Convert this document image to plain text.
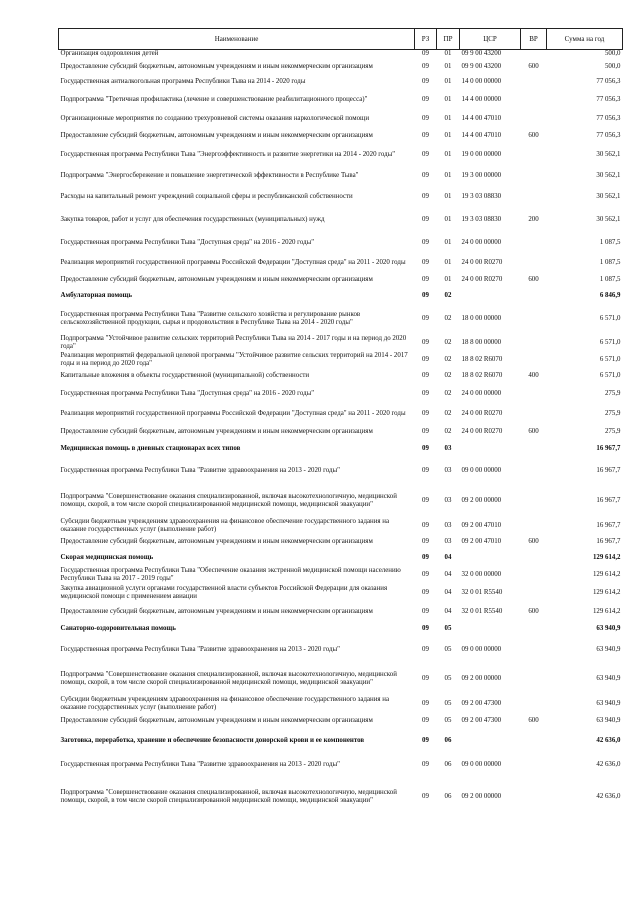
Наименование	РЗ	ПР	ЦСР	ВР	Сумма на год
Организация оздоровления детей	09	01	09 9 00 43200		500,0
Предоставление субсидий бюджетным, автономным учреждениям и иным некоммерческим организациям	09	01	09 9 00 43200	600	500,0
Государственная антиалкогольная программа Республики Тыва на 2014 - 2020 годы	09	01	14 0 00 00000		77 056,3
Подпрограмма "Третичная профилактика (лечение и совершенствование реабилитационного процесса)"	09	01	14 4 00 00000		77 056,3
Организационные мероприятия по созданию трехуровневой системы оказания наркологической помощи	09	01	14 4 00 47010		77 056,3
Предоставление субсидий бюджетным, автономным учреждениям и иным некоммерческим организациям	09	01	14 4 00 47010	600	77 056,3
Государственная программа Республики Тыва "Энергоэффективность и развитие энергетики на 2014 - 2020 годы"	09	01	19 0 00 00000		30 562,1
Подпрограмма "Энергосбережение и повышение энергетической эффективности в Республике Тыва"	09	01	19 3 00 00000		30 562,1
Расходы на капитальный ремонт учреждений социальной сферы и республиканской собственности	09	01	19 3 03 08830		30 562,1
Закупка товаров, работ и услуг для обеспечения государственных (муниципальных) нужд	09	01	19 3 03 08830	200	30 562,1
Государственная программа Республики Тыва "Доступная среда" на 2016 - 2020 годы"	09	01	24 0 00 00000		1 087,5
Реализация мероприятий государственной программы Российской Федерации "Доступная среда" на 2011 - 2020 годы	09	01	24 0 00 R0270		1 087,5
Предоставление субсидий бюджетным, автономным учреждениям и иным некоммерческим организациям	09	01	24 0 00 R0270	600	1 087,5
Амбулаторная помощь	09	02			6 846,9
Государственная программа Республики Тыва "Развитие сельского хозяйства и регулирование рынков сельскохозяйственной продукции, сырья и продовольствия в Республике Тыва на 2014 - 2020 годы"	09	02	18 0 00 00000		6 571,0
Подпрограмма "Устойчивое развитие сельских территорий Республики Тыва на 2014 - 2017 годы и на период до 2020 года"	09	02	18 8 00 00000		6 571,0
Реализация мероприятий федеральной целевой программы "Устойчивое развитие сельских территорий на 2014 - 2017 годы и на период до 2020 года"	09	02	18 8 02 R6070		6 571,0
Капитальные вложения в объекты государственной (муниципальной) собственности	09	02	18 8 02 R6070	400	6 571,0
Государственная программа Республики Тыва "Доступная среда" на 2016 - 2020 годы"	09	02	24 0 00 00000		275,9
Реализация мероприятий государственной программы Российской Федерации "Доступная среда" на 2011 - 2020 годы	09	02	24 0 00 R0270		275,9
Предоставление субсидий бюджетным, автономным учреждениям и иным некоммерческим организациям	09	02	24 0 00 R0270	600	275,9
Медицинская помощь в дневных стационарах всех типов	09	03			16 967,7
Государственная программа Республики Тыва "Развитие здравоохранения на 2013 - 2020 годы"	09	03	09 0 00 00000		16 967,7
Подпрограмма "Совершенствование оказания специализированной, включая высокотехнологичную, медицинской помощи, скорой, в том числе скорой специализированной медицинской помощи, медицинской эвакуации"	09	03	09 2 00 00000		16 967,7
Субсидии бюджетным учреждениям здравоохранения на финансовое обеспечение государственного задания на оказание государственных услуг (выполнение работ)	09	03	09 2 00 47010		16 967,7
Предоставление субсидий бюджетным, автономным учреждениям и иным некоммерческим организациям	09	03	09 2 00 47010	600	16 967,7
Скорая медицинская помощь	09	04			129 614,2
Государственная программа Республики Тыва "Обеспечение оказания экстренной медицинской помощи населению Республики Тыва на 2017 - 2019 годы"	09	04	32 0 00 00000		129 614,2
Закупка авиационной услуги органами государственной власти субъектов Российской Федерации для оказания медицинской помощи с применением авиации	09	04	32 0 01 R5540		129 614,2
Предоставление субсидий бюджетным, автономным учреждениям и иным некоммерческим организациям	09	04	32 0 01 R5540	600	129 614,2
Санаторно-оздоровительная помощь	09	05			63 940,9
Государственная программа Республики Тыва "Развитие здравоохранения на 2013 - 2020 годы"	09	05	09 0 00 00000		63 940,9
Подпрограмма "Совершенствование оказания специализированной, включая высокотехнологичную, медицинской помощи, скорой, в том числе скорой специализированной медицинской помощи, медицинской эвакуации"	09	05	09 2 00 00000		63 940,9
Субсидии бюджетным учреждениям здравоохранения на финансовое обеспечение государственного задания на оказание государственных услуг (выполнение работ)	09	05	09 2 00 47300		63 940,9
Предоставление субсидий бюджетным, автономным учреждениям и иным некоммерческим организациям	09	05	09 2 00 47300	600	63 940,9
Заготовка, переработка, хранение и обеспечение безопасности донорской крови и ее компонентов	09	06			42 636,0
Государственная программа Республики Тыва "Развитие здравоохранения на 2013 - 2020 годы"	09	06	09 0 00 00000		42 636,0
Подпрограмма "Совершенствование оказания специализированной, включая высокотехнологичную, медицинской помощи, скорой, в том числе скорой специализированной медицинской помощи, медицинской эвакуации"	09	06	09 2 00 00000		42 636,0
